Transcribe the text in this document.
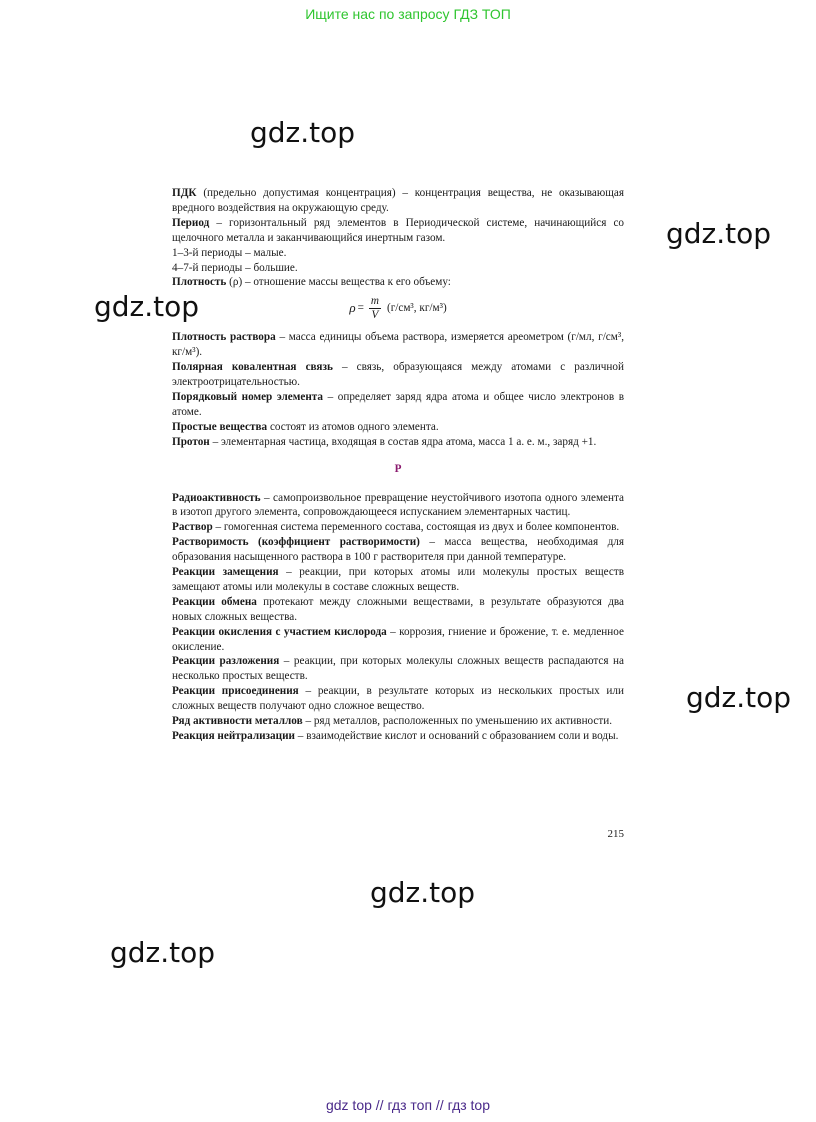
Ищите нас по запросу ГДЗ ТОП
gdz.top
gdz.top
gdz.top
gdz.top
gdz.top
gdz.top

ПДК (предельно допустимая концентрация) – концентрация вещества, не оказывающая вредного воздействия на окружающую среду.

Период – горизонтальный ряд элементов в Периодической системе, начинающийся со щелочного металла и заканчивающийся инертным газом.

1–3-й периоды – малые.

4–7-й периоды – большие.

Плотность (ρ) – отношение массы вещества к его объему:

$\rho = \frac{m}{V} (г/см^3$, кг/м³)

Плотность раствора – масса единицы объема раствора, измеряется ареометром (г/мл, г/см³, кг/м³).

Полярная ковалентная связь – связь, образующаяся между атомами с различной электроотрицательностью.

Порядковый номер элемента – определяет заряд ядра атома и общее число электронов в атоме.

Простые вещества состоят из атомов одного элемента.

Протон – элементарная частица, входящая в состав ядра атома, масса 1 а. е. м., заряд +1.

Р

Радиоактивность – самопроизвольное превращение неустойчивого изотопа одного элемента в изотоп другого элемента, сопровождающееся испусканием элементарных частиц.

Раствор – гомогенная система переменного состава, состоящая из двух и более компонентов.

Растворимость (коэффициент растворимости) – масса вещества, необходимая для образования насыщенного раствора в 100 г растворителя при данной температуре.

Реакции замещения – реакции, при которых атомы или молекулы простых веществ замещают атомы или молекулы в составе сложных веществ.

Реакции обмена протекают между сложными веществами, в результате образуются два новых сложных вещества.

Реакции окисления с участием кислорода – коррозия, гниение и брожение, т. е. медленное окисление.

Реакции разложения – реакции, при которых молекулы сложных веществ распадаются на несколько простых веществ.

Реакции присоединения – реакции, в результате которых из нескольких простых или сложных веществ получают одно сложное вещество.

Ряд активности металлов – ряд металлов, расположенных по уменьшению их активности.

Реакция нейтрализации – взаимодействие кислот и оснований с образованием соли и воды.

215
gdz top // гдз топ // гдз top
